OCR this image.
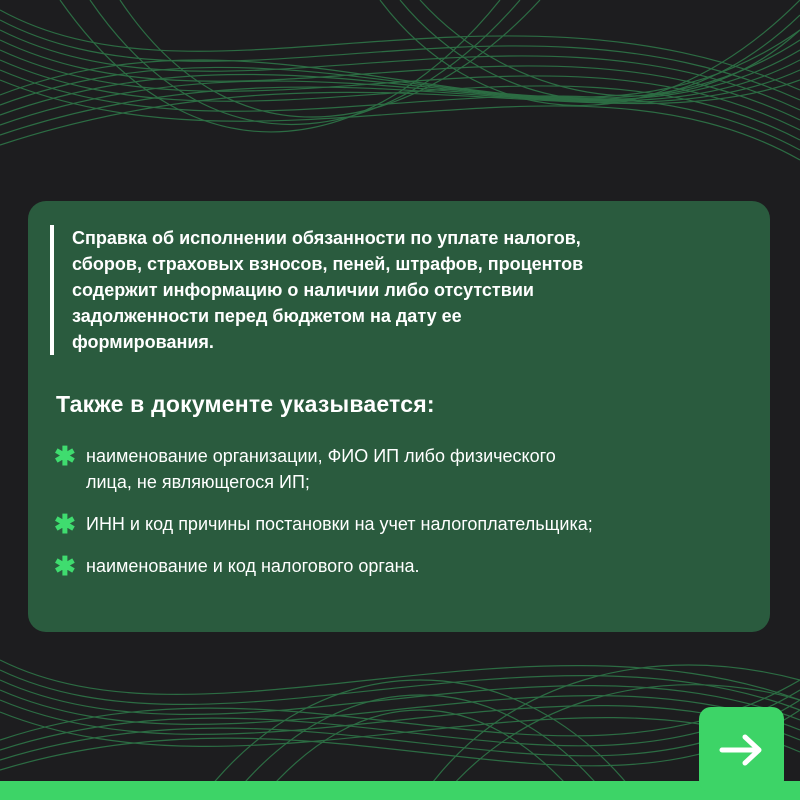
Справка об исполнении обязанности по уплате налогов,
сборов, страховых взносов, пеней, штрафов, процентов
содержит информацию о наличии либо отсутствии
задолженности перед бюджетом на дату ее
формирования.
Также в документе указывается:
✱ наименование организации, ФИО ИП либо физического
лица, не являющегося ИП;
✱ ИНН и код причины постановки на учет налогоплательщика;
✱ наименование и код налогового органа.
